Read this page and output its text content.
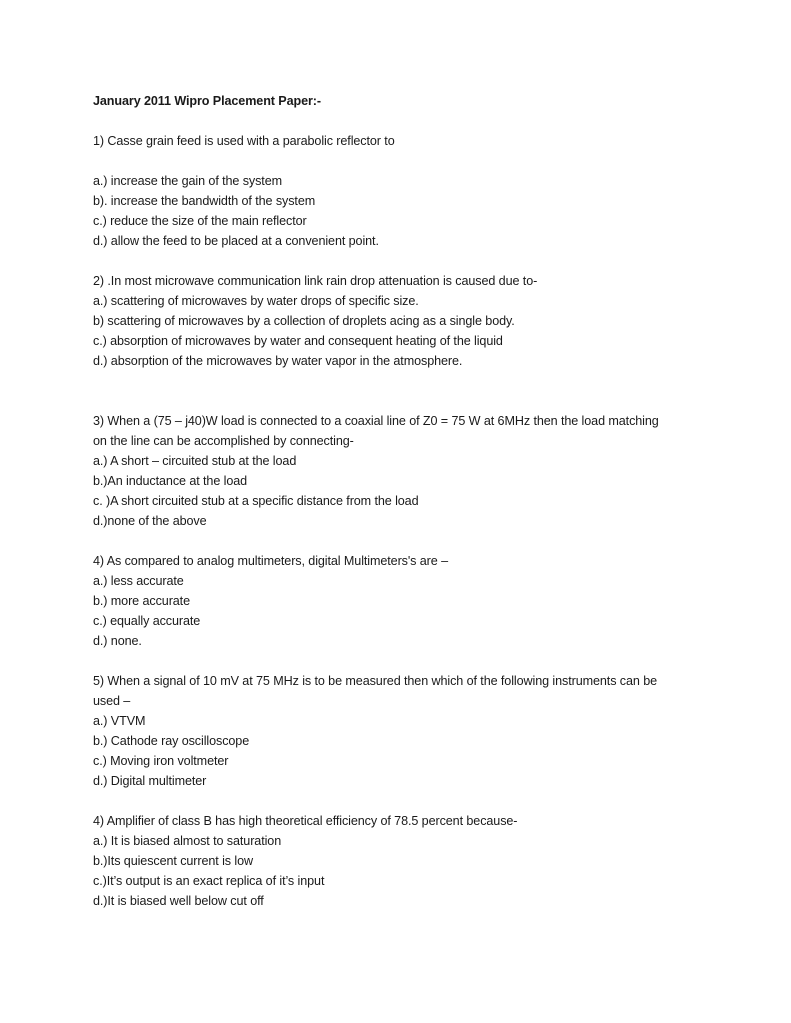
January 2011 Wipro Placement Paper:-
1) Casse grain feed is used with a parabolic reflector to
a.) increase the gain of the system
b). increase the bandwidth of the system
c.) reduce the size of the main reflector
d.) allow the feed to be placed at a convenient point.
2) .In most microwave communication link rain drop attenuation is caused due to-
a.) scattering of microwaves by water drops of specific size.
b) scattering of microwaves by a collection of droplets acing as a single body.
c.) absorption of microwaves by water and consequent heating of the liquid
d.) absorption of the microwaves by water vapor in the atmosphere.
3) When a (75 – j40)W load is connected to a coaxial line of Z0 = 75 W at 6MHz then the load matching
on the line can be accomplished by connecting-
a.) A short – circuited stub at the load
b.)An inductance at the load
c. )A short circuited stub at a specific distance from the load
d.)none of the above
4) As compared to analog multimeters, digital Multimeters's are –
a.) less accurate
b.) more accurate
c.) equally accurate
d.) none.
5) When a signal of 10 mV at 75 MHz is to be measured then which of the following instruments can be
used –
a.) VTVM
b.) Cathode ray oscilloscope
c.) Moving iron voltmeter
d.) Digital multimeter
4) Amplifier of class B has high theoretical efficiency of 78.5 percent because-
a.) It is biased almost to saturation
b.)Its quiescent current is low
c.)It’s output is an exact replica of it’s input
d.)It is biased well below cut off
